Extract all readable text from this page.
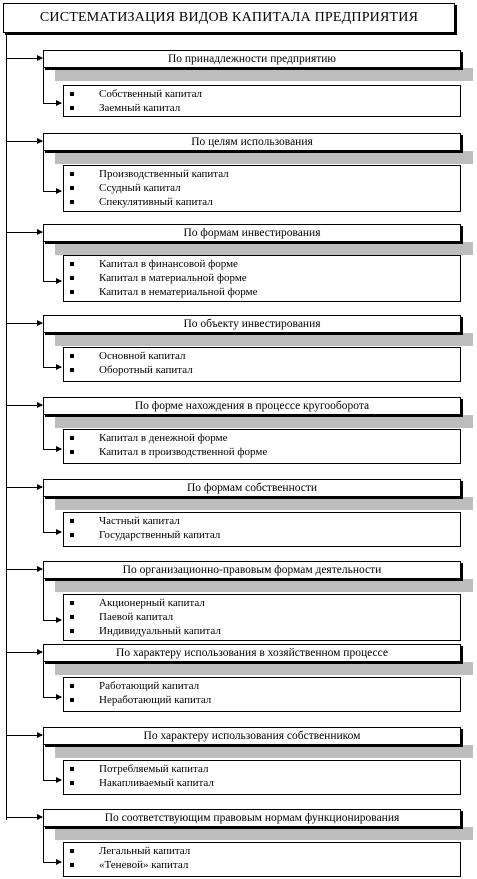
СИСТЕМАТИЗАЦИЯ ВИДОВ КАПИТАЛА ПРЕДПРИЯТИЯ
По принадлежности предприятию
Собственный капитал
Заемный капитал
По целям использования
Производственный капитал
Ссудный капитал
Спекулятивный капитал
По формам инвестирования
Капитал в финансовой форме
Капитал в материальной форме
Капитал в нематериальной форме
По объекту инвестирования
Основной капитал
Оборотный капитал
По форме нахождения в процессе кругооборота
Капитал в денежной форме
Капитал в производственной форме
По формам собственности
Частный капитал
Государственный капитал
По организационно-правовым формам деятельности
Акционерный капитал
Паевой капитал
Индивидуальный капитал
По характеру использования в хозяйственном процессе
Работающий капитал
Неработающий капитал
По характеру использования собственником
Потребляемый капитал
Накапливаемый капитал
По соответствующим правовым нормам функционирования
Легальный капитал
«Теневой» капитал
